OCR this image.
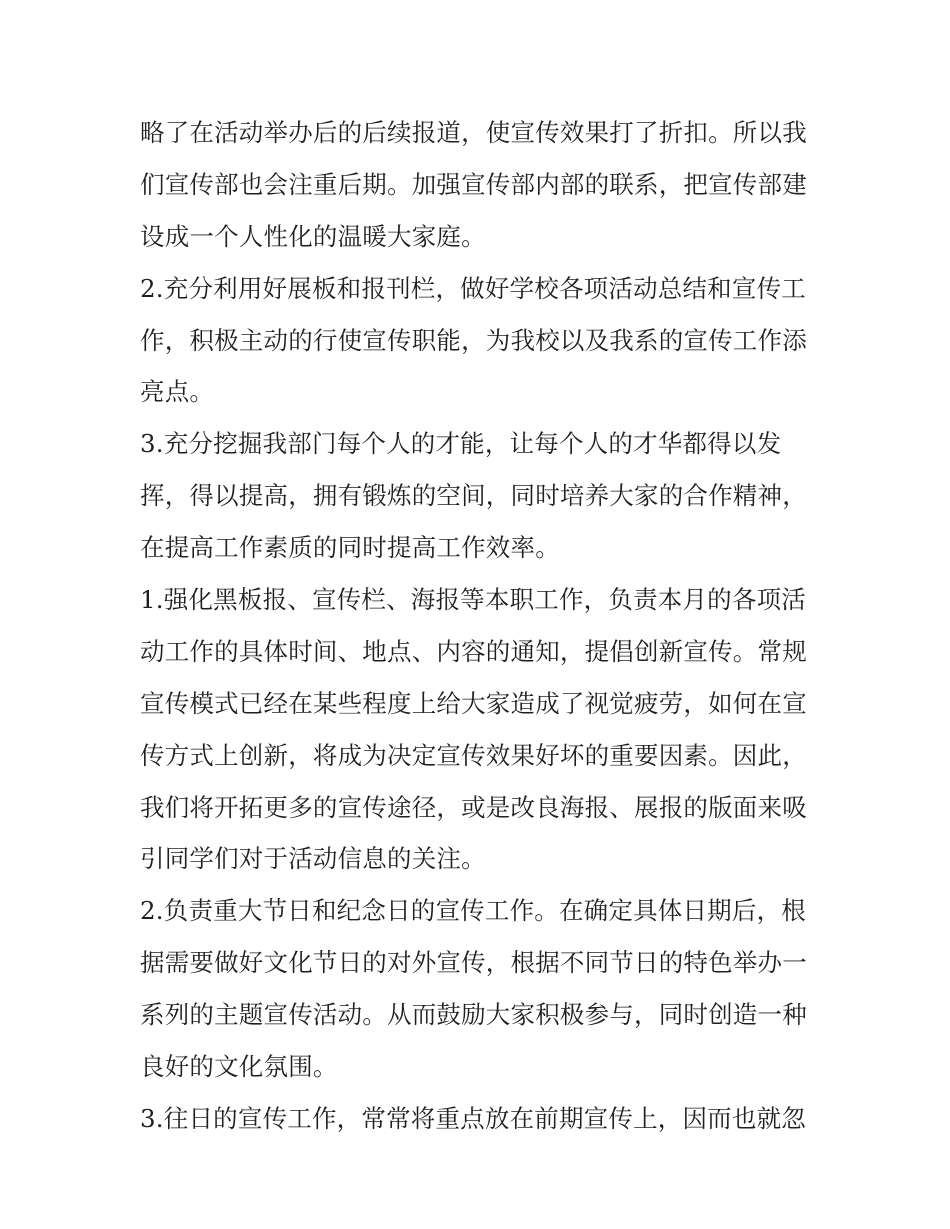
略了在活动举办后的后续报道，使宣传效果打了折扣。所以我
们宣传部也会注重后期。加强宣传部内部的联系，把宣传部建
设成一个人性化的温暖大家庭。
2.充分利用好展板和报刊栏，做好学校各项活动总结和宣传工
作，积极主动的行使宣传职能，为我校以及我系的宣传工作添
亮点。
3.充分挖掘我部门每个人的才能，让每个人的才华都得以发
挥，得以提高，拥有锻炼的空间，同时培养大家的合作精神，
在提高工作素质的同时提高工作效率。
1.强化黑板报、宣传栏、海报等本职工作，负责本月的各项活
动工作的具体时间、地点、内容的通知，提倡创新宣传。常规
宣传模式已经在某些程度上给大家造成了视觉疲劳，如何在宣
传方式上创新，将成为决定宣传效果好坏的重要因素。因此，
我们将开拓更多的宣传途径，或是改良海报、展报的版面来吸
引同学们对于活动信息的关注。
2.负责重大节日和纪念日的宣传工作。在确定具体日期后，根
据需要做好文化节日的对外宣传，根据不同节日的特色举办一
系列的主题宣传活动。从而鼓励大家积极参与，同时创造一种
良好的文化氛围。
3.往日的宣传工作，常常将重点放在前期宣传上，因而也就忽
